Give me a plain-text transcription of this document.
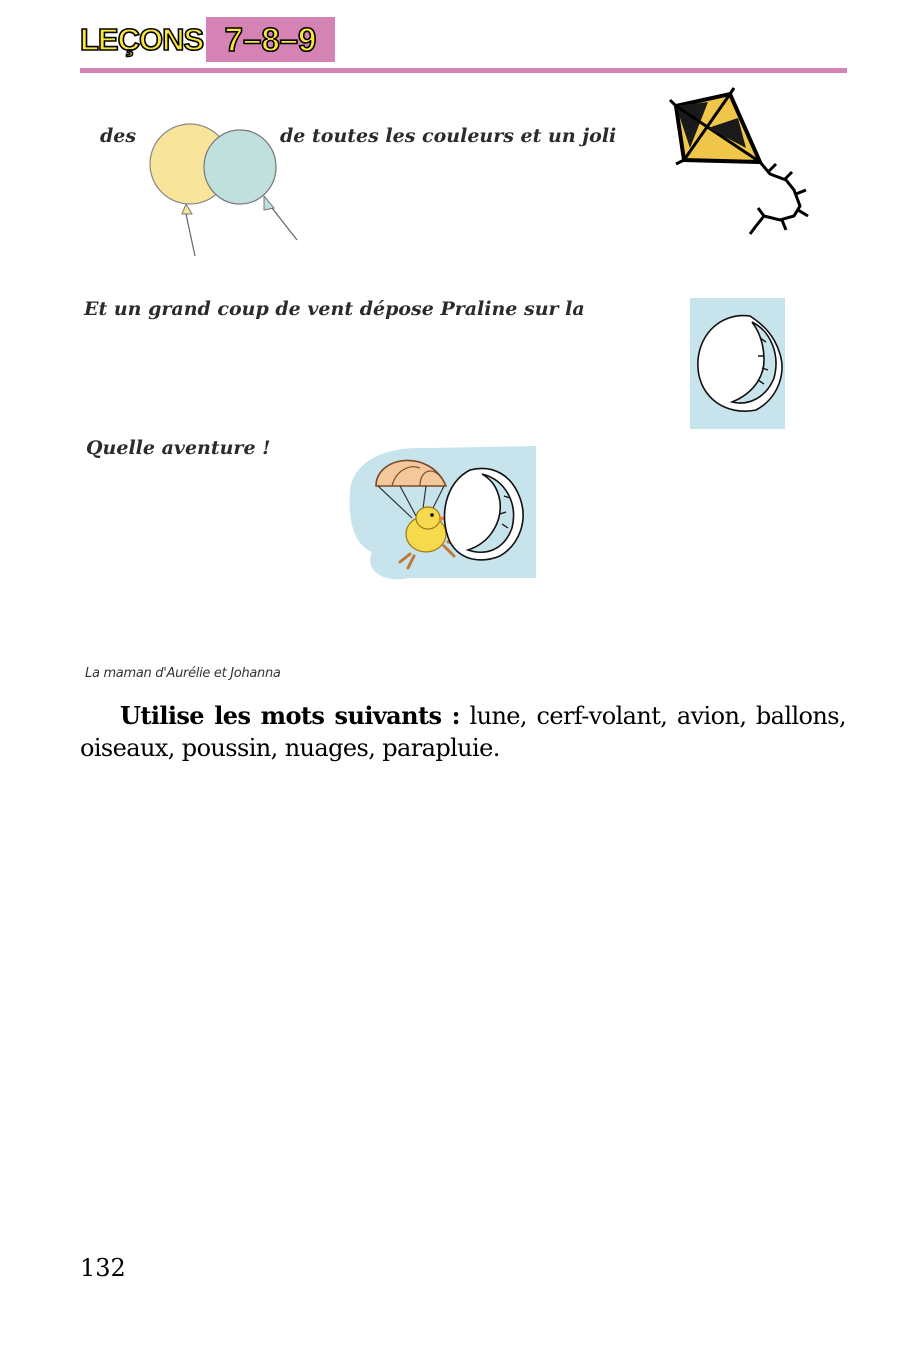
LEÇONS 7–8–9
des	de toutes les couleurs et un joli
Et un grand coup de vent dépose Praline sur la
Quelle aventure !
La maman d'Aurélie et Johanna
Utilise les mots suivants : lune, cerf-volant, avion, ballons, oiseaux, poussin, nuages, parapluie.
132
